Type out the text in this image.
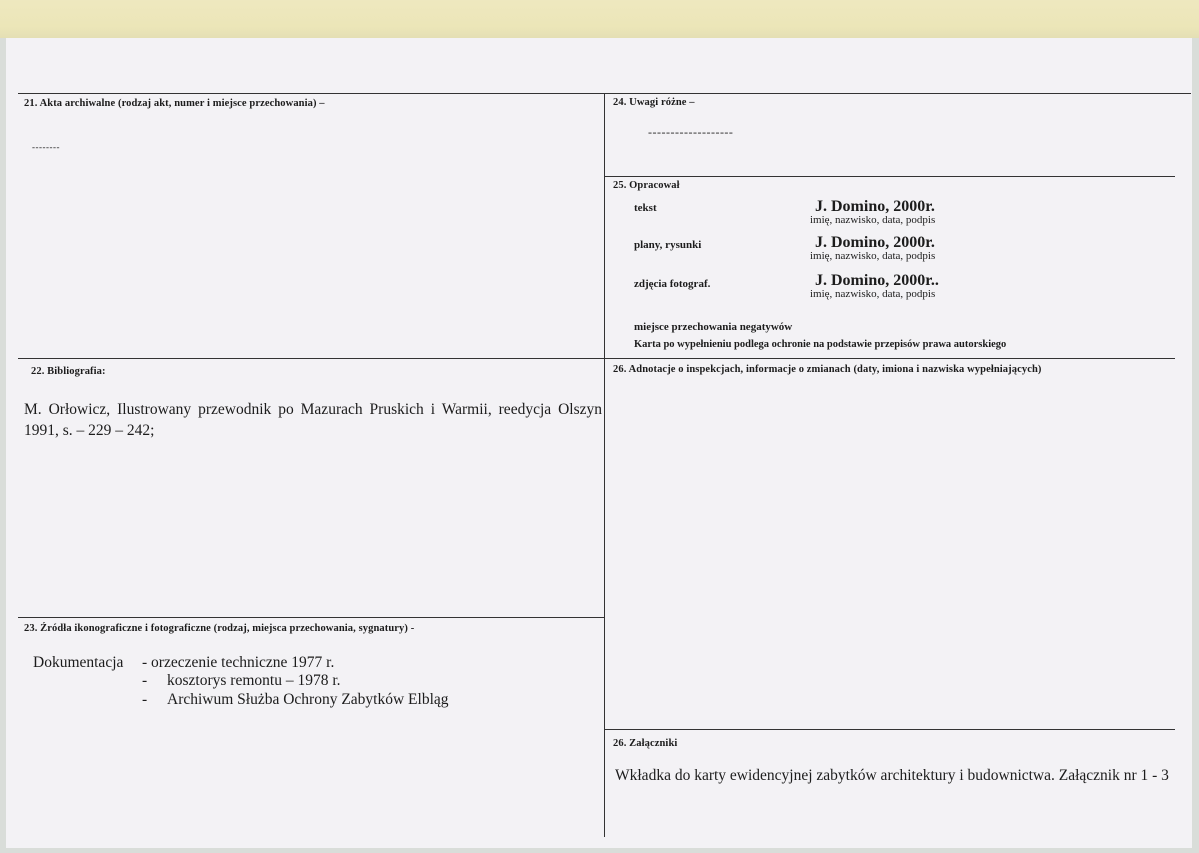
21. Akta archiwalne (rodzaj akt, numer i miejsce przechowania) –
--------
24. Uwagi różne –
-------------------
25. Opracował
tekst	J. Domino, 2000r.
imię, nazwisko, data, podpis
plany, rysunki	J. Domino, 2000r.
imię, nazwisko, data, podpis
zdjęcia fotograf.	J. Domino, 2000r..
imię, nazwisko, data, podpis
miejsce przechowania negatywów
Karta po wypełnieniu podlega ochronie na podstawie przepisów prawa autorskiego
22. Bibliografia:
M. Orłowicz, Ilustrowany przewodnik po Mazurach Pruskich i Warmii, reedycja Olszyn 1991, s. – 229 – 242;
26. Adnotacje o inspekcjach, informacje o zmianach (daty, imiona i nazwiska wypełniających)
23. Źródła ikonograficzne i fotograficzne (rodzaj, miejsca przechowania, sygnatury) -
Dokumentacja - orzeczenie techniczne 1977 r.
- kosztorys remontu – 1978 r.
- Archiwum Służba Ochrony Zabytków Elbląg
26. Załączniki
Wkładka do karty ewidencyjnej zabytków architektury i budownictwa. Załącznik nr 1 - 3
